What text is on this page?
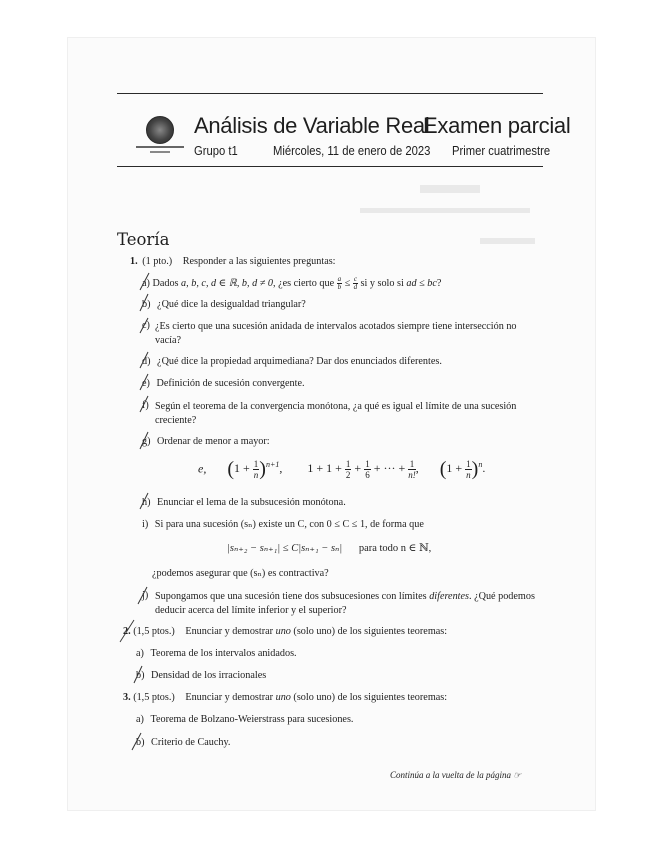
Análisis de Variable Real
Examen parcial
Grupo t1	Miércoles, 11 de enero de 2023 Primer cuatrimestre
Teoría
1. (1 pto.) Responder a las siguientes preguntas:
a) Dados a, b, c, d ∈ ℝ, b, d ≠ 0, ¿es cierto que $\frac{a}{b} \le \frac{c}{d}$ si y solo si ad ≤ bc?
b) ¿Qué dice la desigualdad triangular?
c) ¿Es cierto que una sucesión anidada de intervalos acotados siempre tiene intersección no vacía?
d) ¿Qué dice la propiedad arquimediana? Dar dos enunciados diferentes.
e) Definición de sucesión convergente.
f) Según el teorema de la convergencia monótona, ¿a qué es igual el límite de una sucesión creciente?
g) Ordenar de menor a mayor:
e, $(1 + \frac{1}{n} )^{n+1}$, $1 + 1 + \frac{1}{2} + \frac{1}{6}$ + ··· + $\frac{1}{n!}$ , $(1 + \frac{1}{n} )^n$.
h) Enunciar el lema de la subsucesión monótona.
i) Si para una sucesión (sₙ) existe un C, con 0 ≤ C ≤ 1, de forma que
|sₙ₊₂ − sₙ₊₁| ≤ C|sₙ₊₁ − sₙ| para todo n ∈ ℕ,
¿podemos asegurar que (sₙ) es contractiva?
j) Supongamos que una sucesión tiene dos subsucesiones con límites diferentes. ¿Qué podemos deducir acerca del límite inferior y el superior?
2. (1,5 ptos.) Enunciar y demostrar uno (solo uno) de los siguientes teoremas:
a) Teorema de los intervalos anidados.
b) Densidad de los irracionales
3. (1,5 ptos.) Enunciar y demostrar uno (solo uno) de los siguientes teoremas:
a) Teorema de Bolzano-Weierstrass para sucesiones.
b) Criterio de Cauchy.
Continúa a la vuelta de la página ☞
